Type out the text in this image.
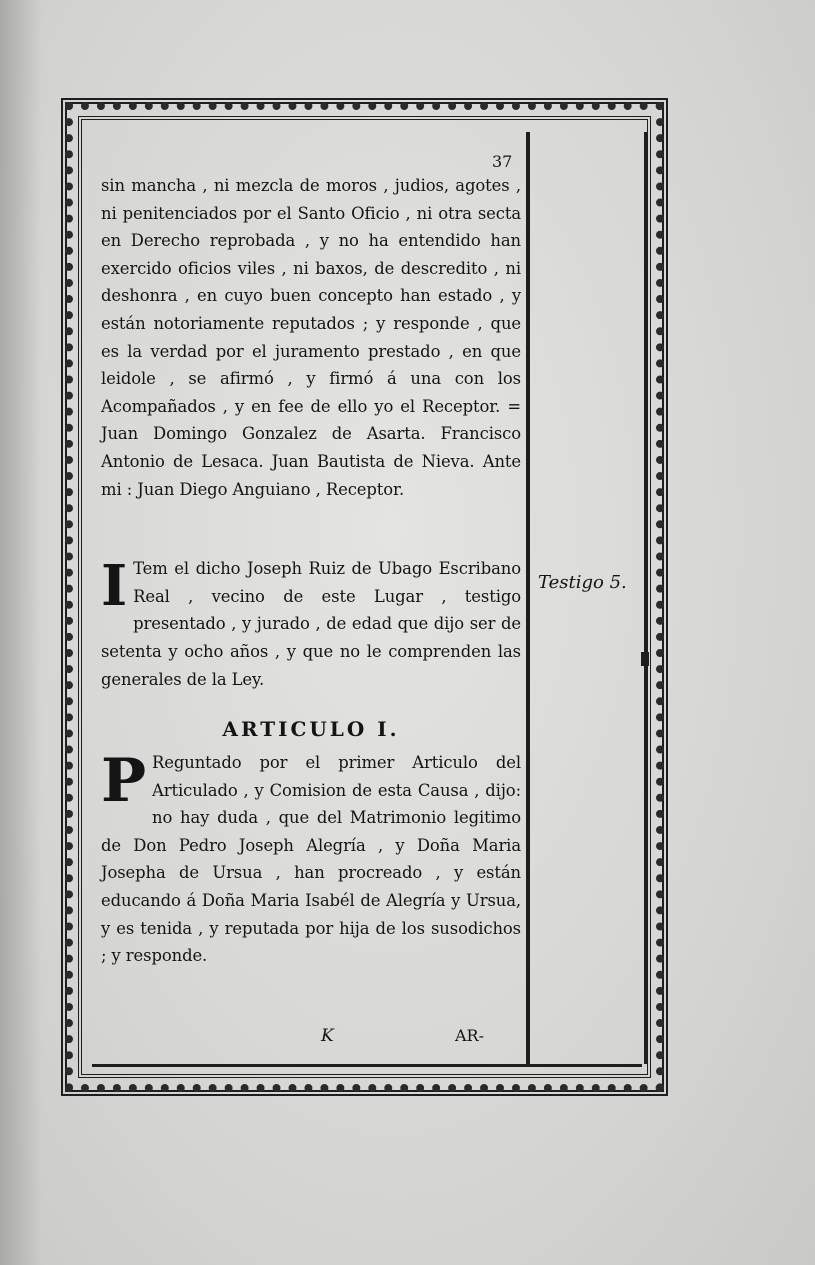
37

sin mancha , ni mezcla de moros , judios, agotes , ni penitenciados por el Santo Oficio , ni otra secta en Derecho reprobada , y no ha entendido han exercido oficios viles , ni baxos, de descredito , ni deshonra , en cuyo buen concepto han estado , y están notoriamente reputados ; y responde , que es la verdad por el juramento prestado , en que leidole , se afirmó , y firmó á una con los Acompañados , y en fee de ello yo el Receptor. = Juan Domingo Gonzalez de Asarta. Francisco Antonio de Lesaca. Juan Bautista de Nieva. Ante mi : Juan Diego Anguiano , Receptor.

I Tem el dicho Joseph Ruiz de Ubago Escribano Real , vecino de este Lugar , testigo presentado , y jurado , de edad que dijo ser de setenta y ocho años , y que no le comprenden las generales de la Ley.

ARTICULO I.

P Reguntado por el primer Articulo del Articulado , y Comision de esta Causa , dijo: no hay duda , que del Matrimonio legitimo de Don Pedro Joseph Alegría , y Doña Maria Josepha de Ursua , han procreado , y están educando á Doña Maria Isabél de Alegría y Ursua, y es tenida , y reputada por hija de los susodichos ; y responde.

Testigo 5.
K	AR-
